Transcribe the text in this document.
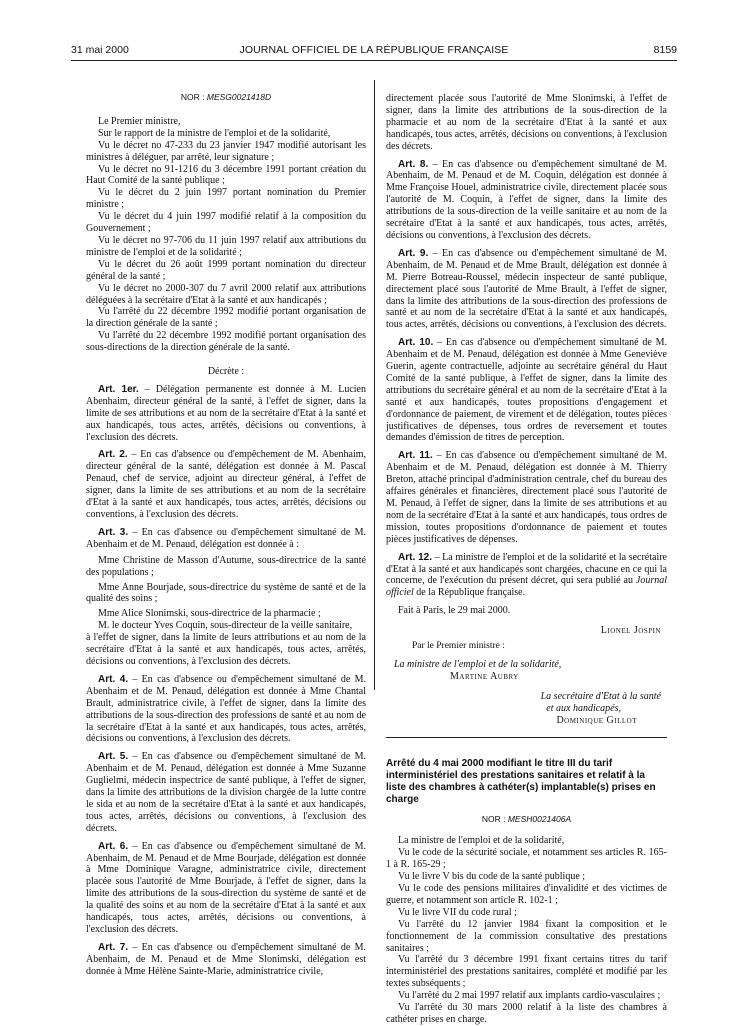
31 mai 2000	JOURNAL OFFICIEL DE LA RÉPUBLIQUE FRANÇAISE	8159

NOR : MESG0021418D

Le Premier ministre,

Sur le rapport de la ministre de l'emploi et de la solidarité,

Vu le décret no 47-233 du 23 janvier 1947 modifié autorisant les ministres à déléguer, par arrêté, leur signature ;

Vu le décret no 91-1216 du 3 décembre 1991 portant création du Haut Comité de la santé publique ;

Vu le décret du 2 juin 1997 portant nomination du Premier ministre ;

Vu le décret du 4 juin 1997 modifié relatif à la composition du Gouvernement ;

Vu le décret no 97-706 du 11 juin 1997 relatif aux attributions du ministre de l'emploi et de la solidarité ;

Vu le décret du 26 août 1999 portant nomination du directeur général de la santé ;

Vu le décret no 2000-307 du 7 avril 2000 relatif aux attributions déléguées à la secrétaire d'Etat à la santé et aux handicapés ;

Vu l'arrêté du 22 décembre 1992 modifié portant organisation de la direction générale de la santé ;

Vu l'arrêté du 22 décembre 1992 modifié portant organisation des sous-directions de la direction générale de la santé.

Décrète :

Art. 1er. – Délégation permanente est donnée à M. Lucien Abenhaim, directeur général de la santé, à l'effet de signer, dans la limite de ses attributions et au nom de la secrétaire d'Etat à la santé et aux handicapés, tous actes, arrêtés, décisions ou conventions, à l'exclusion des décrets.

Art. 2. – En cas d'absence ou d'empêchement de M. Abenhaim, directeur général de la santé, délégation est donnée à M. Pascal Penaud, chef de service, adjoint au directeur général, à l'effet de signer, dans la limite de ses attributions et au nom de la secrétaire d'Etat à la santé et aux handicapés, tous actes, arrêtés, décisions ou conventions, à l'exclusion des décrets.

Art. 3. – En cas d'absence ou d'empêchement simultané de M. Abenhaim et de M. Penaud, délégation est donnée à :

Mme Christine de Masson d'Autume, sous-directrice de la santé des populations ;

Mme Anne Bourjade, sous-directrice du système de santé et de la qualité des soins ;

Mme Alice Slonimski, sous-directrice de la pharmacie ;

M. le docteur Yves Coquin, sous-directeur de la veille sanitaire,

à l'effet de signer, dans la limite de leurs attributions et au nom de la secrétaire d'Etat à la santé et aux handicapés, tous actes, arrêtés, décisions ou conventions, à l'exclusion des décrets.

Art. 4. – En cas d'absence ou d'empêchement simultané de M. Abenhaim et de M. Penaud, délégation est donnée à Mme Chantal Brault, administratrice civile, à l'effet de signer, dans la limite des attributions de la sous-direction des professions de santé et au nom de la secrétaire d'Etat à la santé et aux handicapés, tous actes, arrêtés, décisions ou conventions, à l'exclusion des décrets.

Art. 5. – En cas d'absence ou d'empêchement simultané de M. Abenhaim et de M. Penaud, délégation est donnée à Mme Suzanne Guglielmi, médecin inspectrice de santé publique, à l'effet de signer, dans la limite des attributions de la division chargée de la lutte contre le sida et au nom de la secrétaire d'Etat à la santé et aux handicapés, tous actes, arrêtés, décisions ou conventions, à l'exclusion des décrets.

Art. 6. – En cas d'absence ou d'empêchement simultané de M. Abenhaim, de M. Penaud et de Mme Bourjade, délégation est donnée à Mme Dominique Varagne, administratrice civile, directement placée sous l'autorité de Mme Bourjade, à l'effet de signer, dans la limite des attributions de la sous-direction du système de santé et de la qualité des soins et au nom de la secrétaire d'Etat à la santé et aux handicapés, tous actes, arrêtés, décisions ou conventions, à l'exclusion des décrets.

Art. 7. – En cas d'absence ou d'empêchement simultané de M. Abenhaim, de M. Penaud et de Mme Slonimski, délégation est donnée à Mme Hélène Sainte-Marie, administratrice civile,

directement placée sous l'autorité de Mme Slonimski, à l'effet de signer, dans la limite des attributions de la sous-direction de la pharmacie et au nom de la secrétaire d'Etat à la santé et aux handicapés, tous actes, arrêtés, décisions ou conventions, à l'exclusion des décrets.

Art. 8. – En cas d'absence ou d'empêchement simultané de M. Abenhaim, de M. Penaud et de M. Coquin, délégation est donnée à Mme Françoise Houel, administratrice civile, directement placée sous l'autorité de M. Coquin, à l'effet de signer, dans la limite des attributions de la sous-direction de la veille sanitaire et au nom de la secrétaire d'Etat à la santé et aux handicapés, tous actes, arrêtés, décisions ou conventions, à l'exclusion des décrets.

Art. 9. – En cas d'absence ou d'empêchement simultané de M. Abenhaim, de M. Penaud et de Mme Brault, délégation est donnée à M. Pierre Botreau-Roussel, médecin inspecteur de santé publique, directement placé sous l'autorité de Mme Brault, à l'effet de signer, dans la limite des attributions de la sous-direction des professions de santé et au nom de la secrétaire d'Etat à la santé et aux handicapés, tous actes, arrêtés, décisions ou conventions, à l'exclusion des décrets.

Art. 10. – En cas d'absence ou d'empêchement simultané de M. Abenhaim et de M. Penaud, délégation est donnée à Mme Geneviève Guerin, agente contractuelle, adjointe au secrétaire général du Haut Comité de la santé publique, à l'effet de signer, dans la limite des attributions du secrétaire général et au nom de la secrétaire d'Etat à la santé et aux handicapés, toutes propositions d'engagement et d'ordonnance de paiement, de virement et de délégation, toutes pièces justificatives de dépenses, tous ordres de reversement et toutes demandes d'émission de titres de perception.

Art. 11. – En cas d'absence ou d'empêchement simultané de M. Abenhaim et de M. Penaud, délégation est donnée à M. Thierry Breton, attaché principal d'administration centrale, chef du bureau des affaires générales et financières, directement placé sous l'autorité de M. Penaud, à l'effet de signer, dans la limite de ses attributions et au nom de la secrétaire d'Etat à la santé et aux handicapés, tous ordres de mission, toutes propositions d'ordonnance de paiement et toutes pièces justificatives de dépenses.

Art. 12. – La ministre de l'emploi et de la solidarité et la secrétaire d'Etat à la santé et aux handicapés sont chargées, chacune en ce qui la concerne, de l'exécution du présent décret, qui sera publié au Journal officiel de la République française.

Fait à Paris, le 29 mai 2000.

Lionel Jospin

Par le Premier ministre :

La ministre de l'emploi et de la solidarité,

Martine Aubry

La secrétaire d'Etat à la santé

et aux handicapés,

Dominique Gillot

Arrêté du 4 mai 2000 modifiant le titre III du tarif interministériel des prestations sanitaires et relatif à la liste des chambres à cathéter(s) implantable(s) prises en charge

NOR : MESH0021406A

La ministre de l'emploi et de la solidarité,

Vu le code de la sécurité sociale, et notamment ses articles R. 165-1 à R. 165-29 ;

Vu le livre V bis du code de la santé publique ;

Vu le code des pensions militaires d'invalidité et des victimes de guerre, et notamment son article R. 102-1 ;

Vu le livre VII du code rural ;

Vu l'arrêté du 12 janvier 1984 fixant la composition et le fonctionnement de la commission consultative des prestations sanitaires ;

Vu l'arrêté du 3 décembre 1991 fixant certains titres du tarif interministériel des prestations sanitaires, complété et modifié par les textes subséquents ;

Vu l'arrêté du 2 mai 1997 relatif aux implants cardio-vasculaires ;

Vu l'arrêté du 30 mars 2000 relatif à la liste des chambres à cathéter prises en charge.
